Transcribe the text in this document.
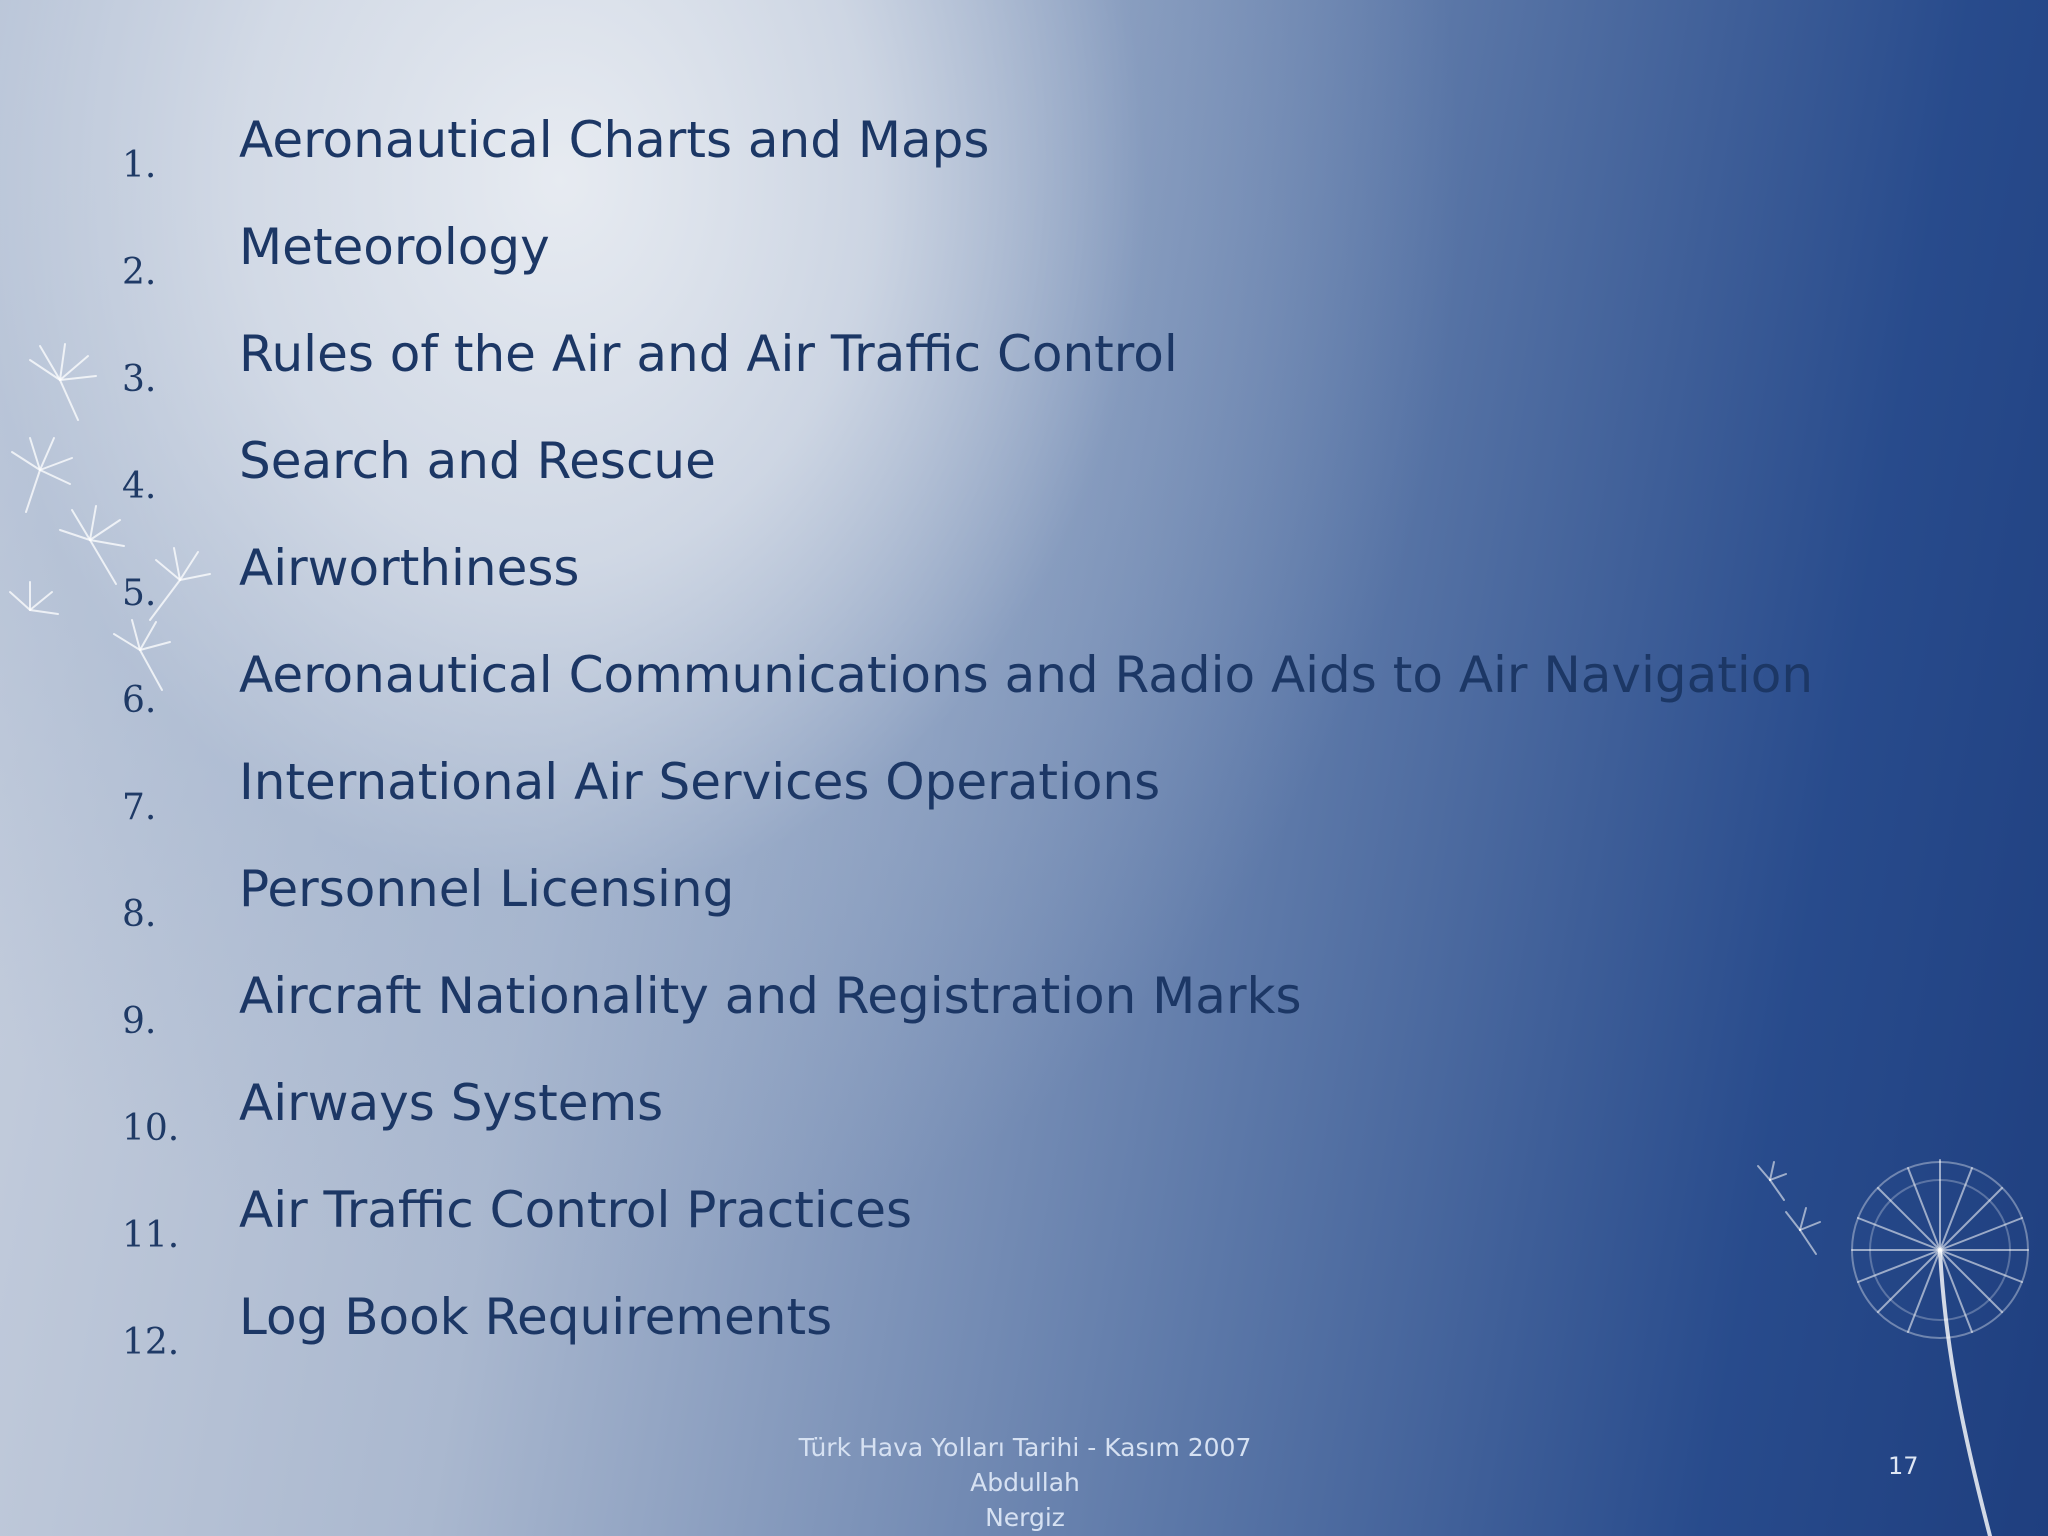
1. Aeronautical Charts and Maps
2. Meteorology
3. Rules of the Air and Air Traffic Control
4. Search and Rescue
5. Airworthiness
6. Aeronautical Communications and Radio Aids to Air Navigation
7. International Air Services Operations
8. Personnel Licensing
9. Aircraft Nationality and Registration Marks
10. Airways Systems
11. Air Traffic Control Practices
12. Log Book Requirements
Türk Hava Yolları Tarihi - Kasım 2007 Abdullah
Nergiz
17
